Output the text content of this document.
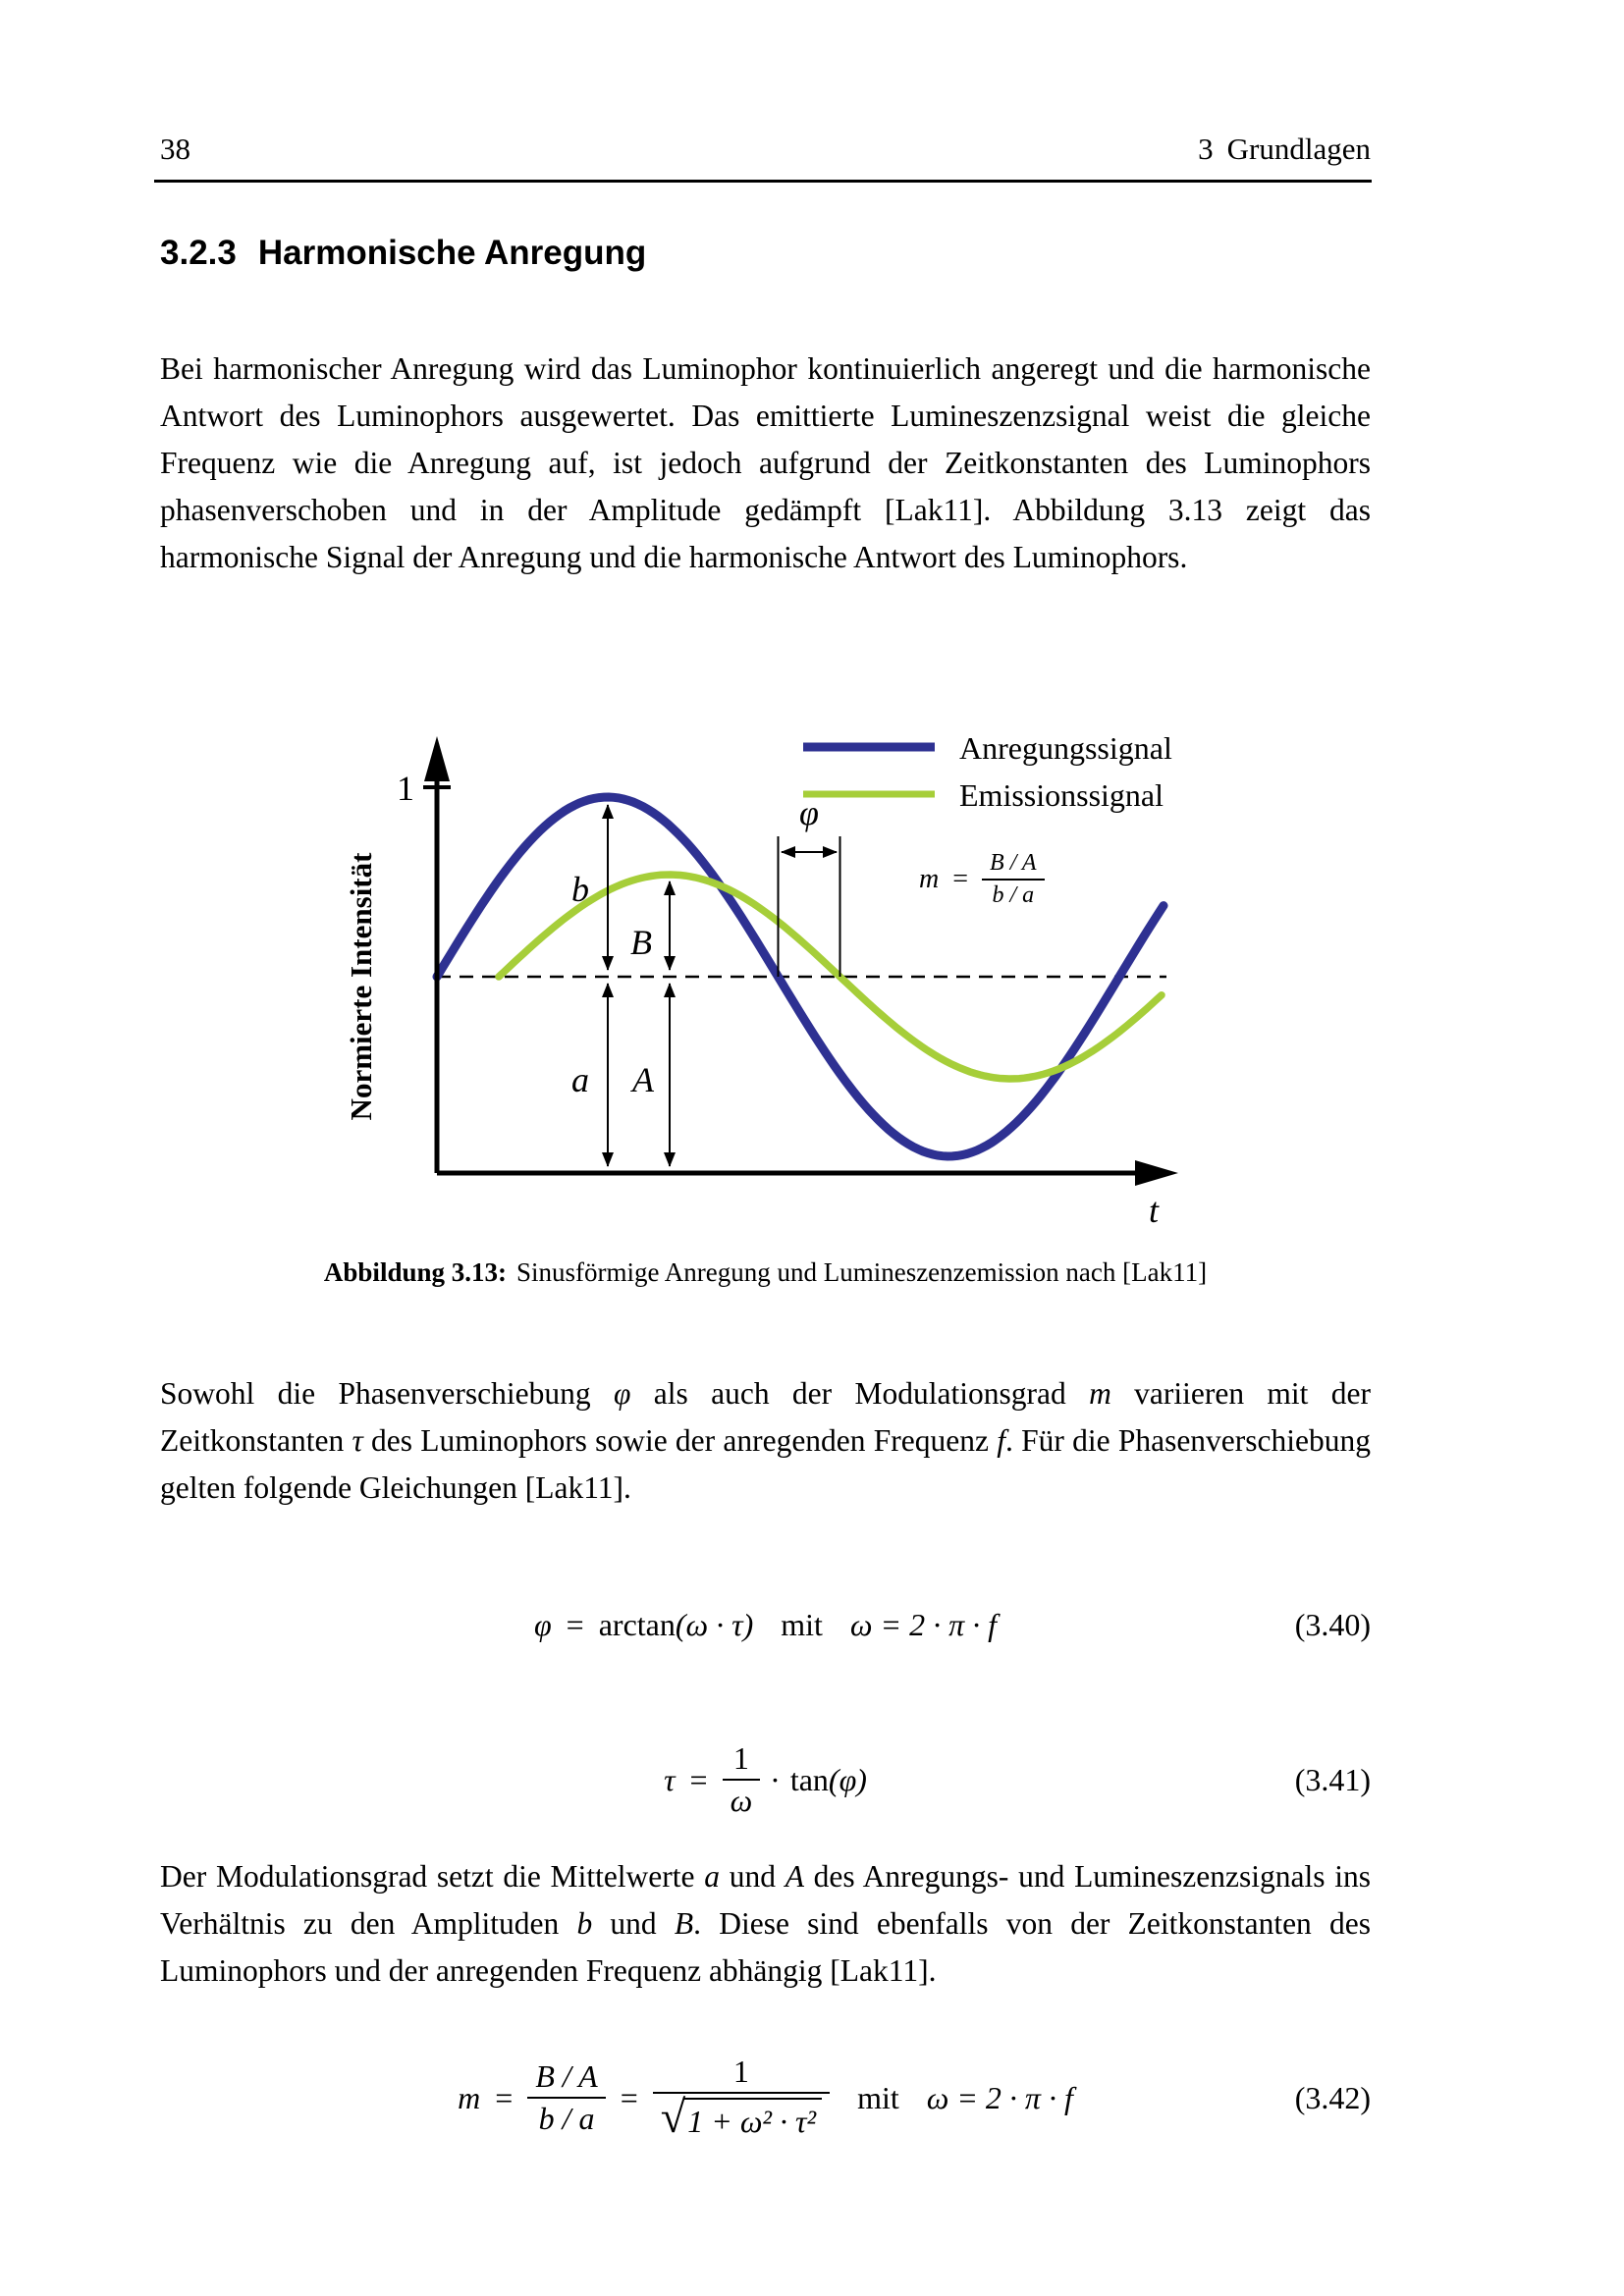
38	3 Grundlagen
3.2.3 Harmonische Anregung

Bei harmonischer Anregung wird das Luminophor kontinuierlich angeregt und die harmonische Antwort des Luminophors ausgewertet. Das emittierte Lumineszenzsignal weist die gleiche Frequenz wie die Anregung auf, ist jedoch aufgrund der Zeitkonstanten des Luminophors phasenverschoben und in der Amplitude gedämpft [Lak11]. Abbildung 3.13 zeigt das harmonische Signal der Anregung und die harmonische Antwort des Luminophors.

1
Normierte Intensität
t
b
B
a A
φ
Anregungssignal
Emissionssignal
$m = \frac{B / A}{b / a}$

Abbildung 3.13: Sinusförmige Anregung und Lumineszenzemission nach [Lak11]

Sowohl die Phasenverschiebung φ als auch der Modulationsgrad m variieren mit der Zeitkonstanten τ des Luminophors sowie der anregenden Frequenz f. Für die Phasenverschiebung gelten folgende Gleichungen [Lak11].

φ = arctan (ω · τ) mit ω = 2 · π · f	(3.40)
$\tau = \frac{1}{\omega} \cdot \tan (\varphi)$	(3.41)

Der Modulationsgrad setzt die Mittelwerte a und A des Anregungs- und Lumineszenzsignals ins Verhältnis zu den Amplituden b und B. Diese sind ebenfalls von der Zeitkonstanten des Luminophors und der anregenden Frequenz abhängig [Lak11].

$m = \frac{B / A}{b / a} = \frac{1}{\text{√ 1 + ω² · τ²}}$ mit ω = 2 · π · f	(3.42)
